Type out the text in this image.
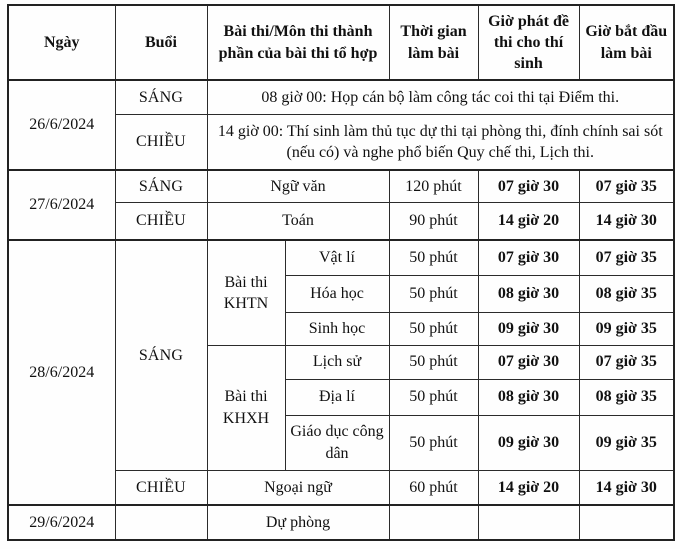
Ngày	Buổi	Bài thi/Môn thi thành phần của bài thi tổ hợp		Thời gian làm bài	Giờ phát đề thi cho thí sinh	Giờ bắt đầu làm bài
26/6/2024	SÁNG	08 giờ 00: Họp cán bộ làm công tác coi thi tại Điểm thi.				
	CHIỀU	14 giờ 00: Thí sinh làm thủ tục dự thi tại phòng thi, đính chính sai sót (nếu có) và nghe phổ biến Quy chế thi, Lịch thi.				
27/6/2024	SÁNG	Ngữ văn		120 phút	07 giờ 30	07 giờ 35
	CHIỀU	Toán		90 phút	14 giờ 20	14 giờ 30
28/6/2024	SÁNG	Bài thi KHTN	Vật lí	50 phút	07 giờ 30	07 giờ 35
			Hóa học	50 phút	08 giờ 30	08 giờ 35
			Sinh học	50 phút	09 giờ 30	09 giờ 35
		Bài thi KHXH	Lịch sử	50 phút	07 giờ 30	07 giờ 35
			Địa lí	50 phút	08 giờ 30	08 giờ 35
			Giáo dục công dân	50 phút	09 giờ 30	09 giờ 35
	CHIỀU	Ngoại ngữ		60 phút	14 giờ 20	14 giờ 30
29/6/2024		Dự phòng				
